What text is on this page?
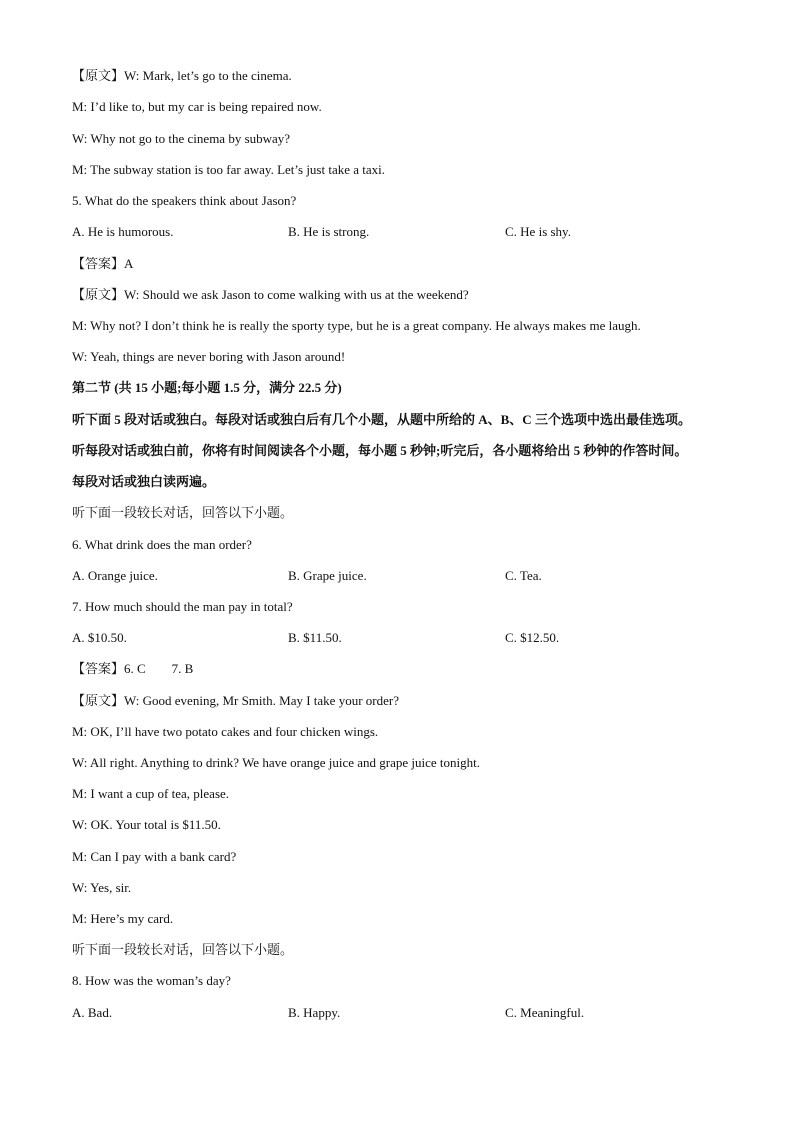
【原文】W: Mark, let’s go to the cinema.
M: I’d like to, but my car is being repaired now.
W: Why not go to the cinema by subway?
M: The subway station is too far away. Let’s just take a taxi.
5. What do the speakers think about Jason?
A. He is humorous.	B. He is strong.	C. He is shy.
【答案】A
【原文】W: Should we ask Jason to come walking with us at the weekend?
M: Why not? I don’t think he is really the sporty type, but he is a great company. He always makes me laugh.
W: Yeah, things are never boring with Jason around!
第二节 (共 15 小题;每小题 1.5 分，满分 22.5 分)
听下面 5 段对话或独白。每段对话或独白后有几个小题，从题中所给的 A、B、C 三个选项中选出最佳选项。
听每段对话或独白前，你将有时间阅读各个小题，每小题 5 秒钟;听完后，各小题将给出 5 秒钟的作答时间。
每段对话或独白读两遍。
听下面一段较长对话，回答以下小题。
6. What drink does the man order?
A. Orange juice.	B. Grape juice.	C. Tea.
7. How much should the man pay in total?
A. $10.50.	B. $11.50.	C. $12.50.
【答案】6. C        7. B
【原文】W: Good evening, Mr Smith. May I take your order?
M: OK, I’ll have two potato cakes and four chicken wings.
W: All right. Anything to drink? We have orange juice and grape juice tonight.
M: I want a cup of tea, please.
W: OK. Your total is $11.50.
M: Can I pay with a bank card?
W: Yes, sir.
M: Here’s my card.
听下面一段较长对话，回答以下小题。
8. How was the woman’s day?
A. Bad.	B. Happy.	C. Meaningful.
